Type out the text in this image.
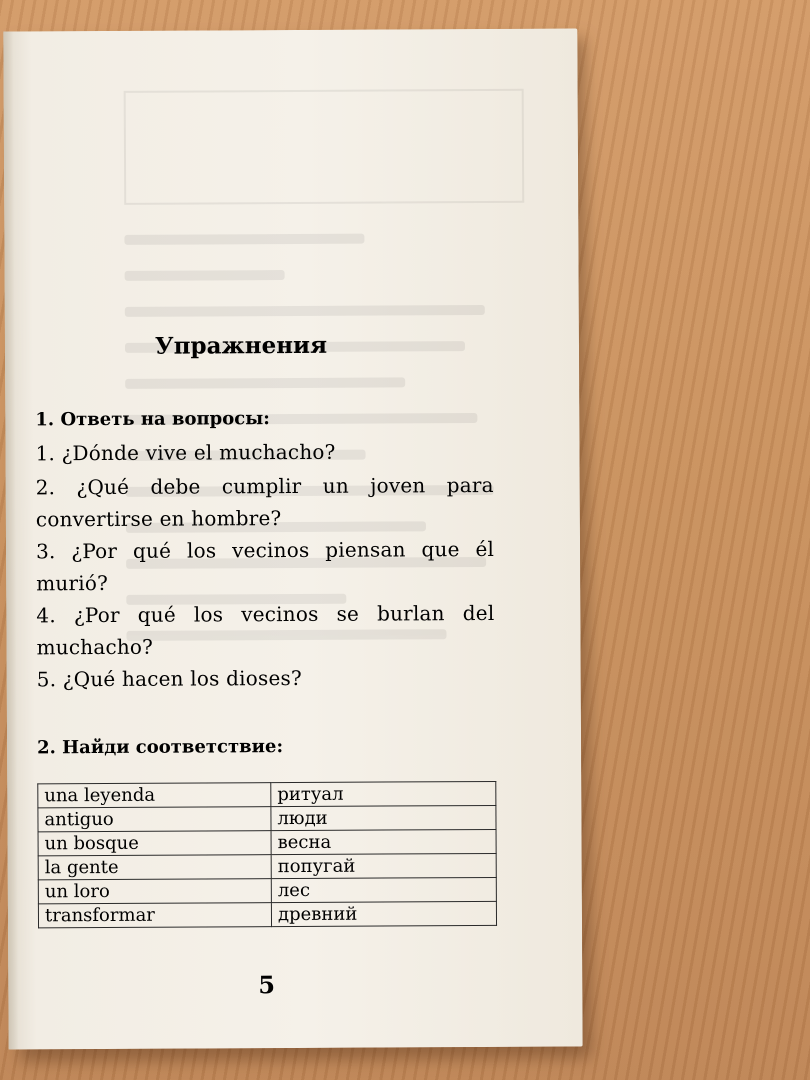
Упражнения
1. Ответь на вопросы:
1. ¿Dónde vive el muchacho?
2. ¿Qué debe cumplir un joven para convertirse en hombre?
3. ¿Por qué los vecinos piensan que él murió?
4. ¿Por qué los vecinos se burlan del muchacho?
5. ¿Qué hacen los dioses?
2. Найди соответствие:
una leyenda	ритуал
antiguo	люди
un bosque	весна
la gente	попугай
un loro	лес
transformar	древний
5
